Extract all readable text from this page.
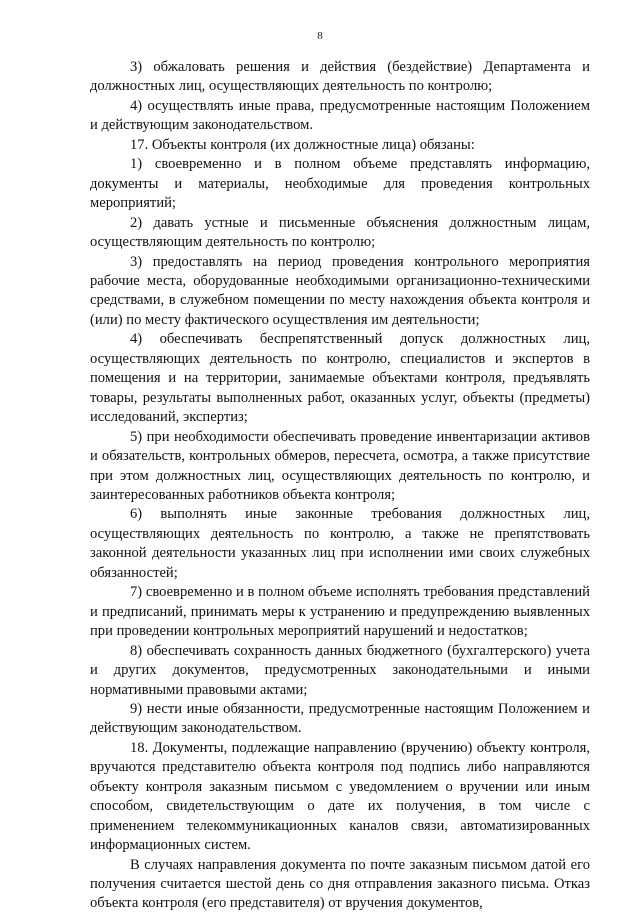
8

3) обжаловать решения и действия (бездействие) Департамента и должностных лиц, осуществляющих деятельность по контролю;

4) осуществлять иные права, предусмотренные настоящим Положением и действующим законодательством.

17. Объекты контроля (их должностные лица) обязаны:

1) своевременно и в полном объеме представлять информацию, документы и материалы, необходимые для проведения контрольных мероприятий;

2) давать устные и письменные объяснения должностным лицам, осуществляющим деятельность по контролю;

3) предоставлять на период проведения контрольного мероприятия рабочие места, оборудованные необходимыми организационно-техническими средствами, в служебном помещении по месту нахождения объекта контроля и (или) по месту фактического осуществления им деятельности;

4) обеспечивать беспрепятственный допуск должностных лиц, осуществляющих деятельность по контролю, специалистов и экспертов в помещения и на территории, занимаемые объектами контроля, предъявлять товары, результаты выполненных работ, оказанных услуг, объекты (предметы) исследований, экспертиз;

5) при необходимости обеспечивать проведение инвентаризации активов и обязательств, контрольных обмеров, пересчета, осмотра, а также присутствие при этом должностных лиц, осуществляющих деятельность по контролю, и заинтересованных работников объекта контроля;

6) выполнять иные законные требования должностных лиц, осуществляющих деятельность по контролю, а также не препятствовать законной деятельности указанных лиц при исполнении ими своих служебных обязанностей;

7) своевременно и в полном объеме исполнять требования представлений и предписаний, принимать меры к устранению и предупреждению выявленных при проведении контрольных мероприятий нарушений и недостатков;

8) обеспечивать сохранность данных бюджетного (бухгалтерского) учета и других документов, предусмотренных законодательными и иными нормативными правовыми актами;

9) нести иные обязанности, предусмотренные настоящим Положением и действующим законодательством.

18. Документы, подлежащие направлению (вручению) объекту контроля, вручаются представителю объекта контроля под подпись либо направляются объекту контроля заказным письмом с уведомлением о вручении или иным способом, свидетельствующим о дате их получения, в том числе с применением телекоммуникационных каналов связи, автоматизированных информационных систем.

В случаях направления документа по почте заказным письмом датой его получения считается шестой день со дня отправления заказного письма. Отказ объекта контроля (его представителя) от вручения документов,
